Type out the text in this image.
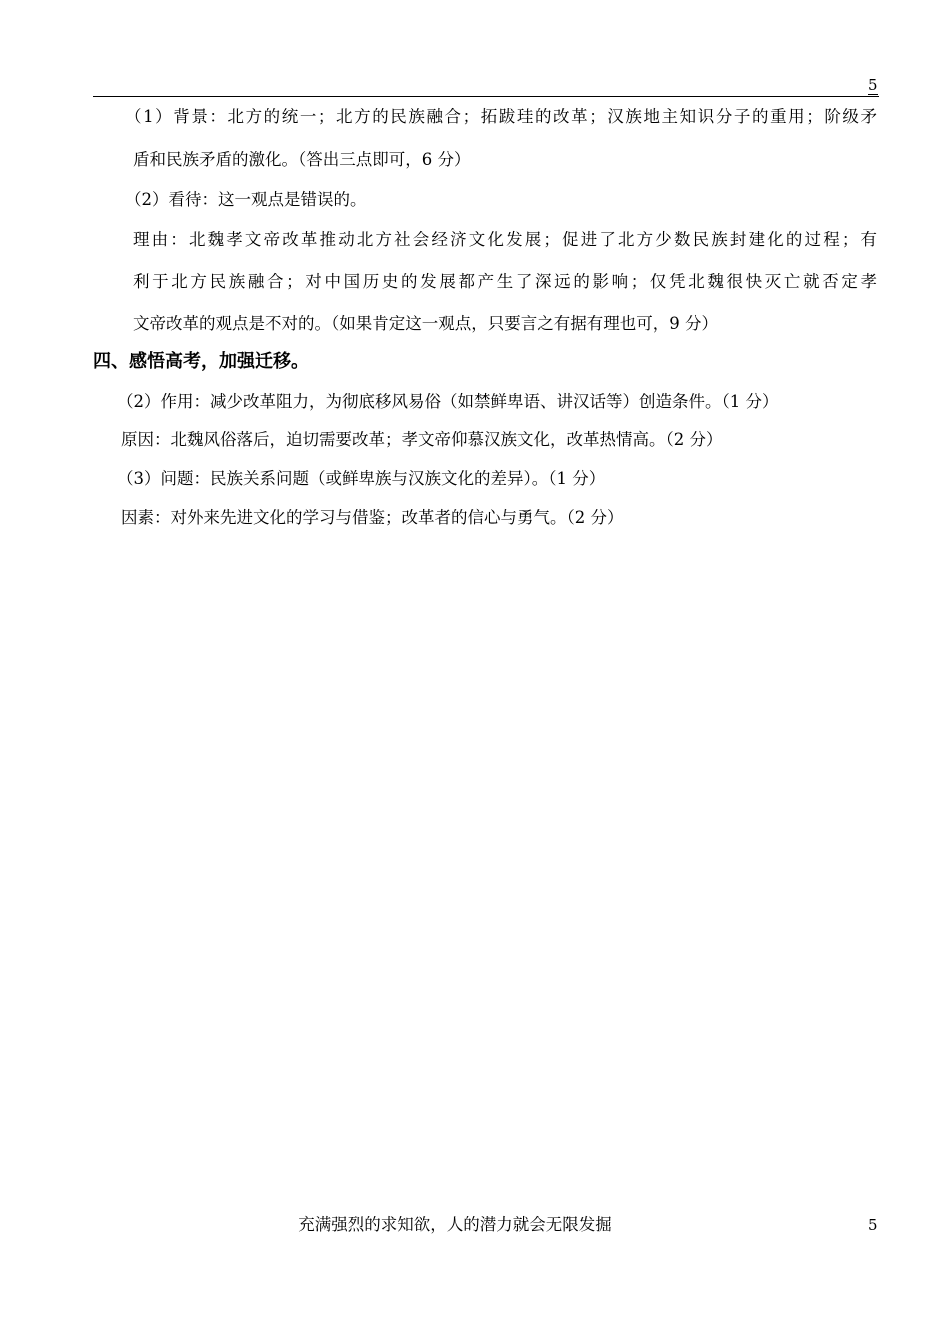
5
（1）背景：北方的统一；北方的民族融合；拓跋珪的改革；汉族地主知识分子的重用；阶级矛
盾和民族矛盾的激化。（答出三点即可，6 分）
（2）看待：这一观点是错误的。
理由：北魏孝文帝改革推动北方社会经济文化发展；促进了北方少数民族封建化的过程；有
利于北方民族融合；对中国历史的发展都产生了深远的影响；仅凭北魏很快灭亡就否定孝
文帝改革的观点是不对的。（如果肯定这一观点，只要言之有据有理也可，9 分）
四、感悟高考，加强迁移。
（2）作用：减少改革阻力，为彻底移风易俗（如禁鲜卑语、讲汉话等）创造条件。（1 分）
原因：北魏风俗落后，迫切需要改革；孝文帝仰慕汉族文化，改革热情高。（2 分）
（3）问题：民族关系问题（或鲜卑族与汉族文化的差异）。（1 分）
因素：对外来先进文化的学习与借鉴；改革者的信心与勇气。（2 分）
充满强烈的求知欲，人的潜力就会无限发掘	5
